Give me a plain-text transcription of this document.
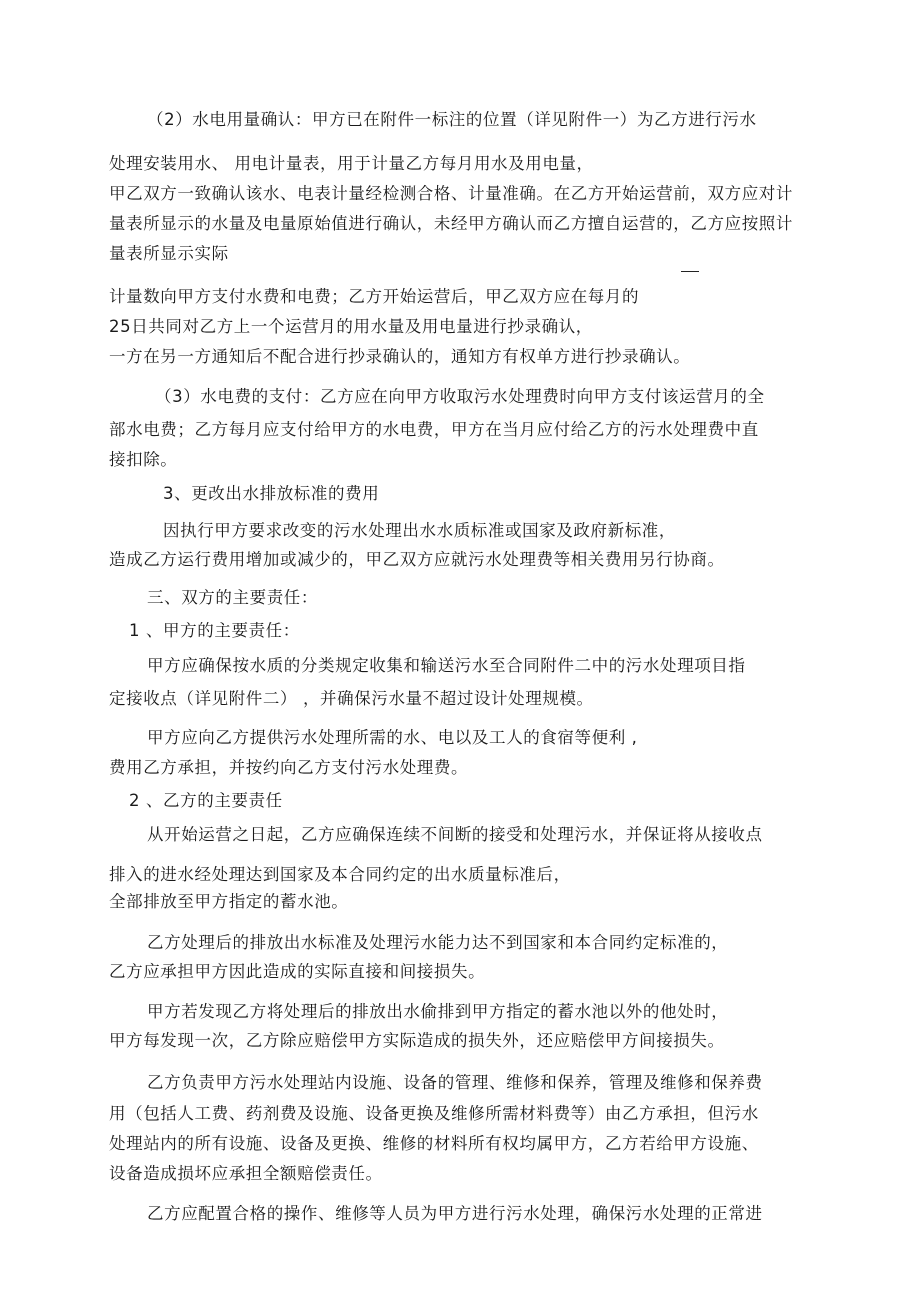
（2）水电用量确认：甲方已在附件一标注的位置（详见附件一）为乙方进行污水
处理安装用水、 用电计量表，用于计量乙方每月用水及用电量，
甲乙双方一致确认该水、电表计量经检测合格、计量准确。在乙方开始运营前，双方应对计
量表所显示的水量及电量原始值进行确认，未经甲方确认而乙方擅自运营的，乙方应按照计
量表所显示实际
计量数向甲方支付水费和电费；乙方开始运营后，甲乙双方应在每月的
25日共同对乙方上一个运营月的用水量及用电量进行抄录确认，
一方在另一方通知后不配合进行抄录确认的，通知方有权单方进行抄录确认。
（3）水电费的支付：乙方应在向甲方收取污水处理费时向甲方支付该运营月的全
部水电费；乙方每月应支付给甲方的水电费，甲方在当月应付给乙方的污水处理费中直
接扣除。
3、更改出水排放标准的费用
因执行甲方要求改变的污水处理出水水质标准或国家及政府新标准，
造成乙方运行费用增加或减少的，甲乙双方应就污水处理费等相关费用另行协商。
三、双方的主要责任：
1 、甲方的主要责任：
甲方应确保按水质的分类规定收集和输送污水至合同附件二中的污水处理项目指
定接收点（详见附件二） ，并确保污水量不超过设计处理规模。
甲方应向乙方提供污水处理所需的水、电以及工人的食宿等便利 ,
费用乙方承担，并按约向乙方支付污水处理费。
2 、乙方的主要责任
从开始运营之日起，乙方应确保连续不间断的接受和处理污水，并保证将从接收点
排入的进水经处理达到国家及本合同约定的出水质量标准后，
全部排放至甲方指定的蓄水池。
乙方处理后的排放出水标准及处理污水能力达不到国家和本合同约定标准的，
乙方应承担甲方因此造成的实际直接和间接损失。
甲方若发现乙方将处理后的排放出水偷排到甲方指定的蓄水池以外的他处时，
甲方每发现一次，乙方除应赔偿甲方实际造成的损失外，还应赔偿甲方间接损失。
乙方负责甲方污水处理站内设施、设备的管理、维修和保养，管理及维修和保养费
用（包括人工费、药剂费及设施、设备更换及维修所需材料费等）由乙方承担，但污水
处理站内的所有设施、设备及更换、维修的材料所有权均属甲方，乙方若给甲方设施、
设备造成损坏应承担全额赔偿责任。
乙方应配置合格的操作、维修等人员为甲方进行污水处理，确保污水处理的正常进
